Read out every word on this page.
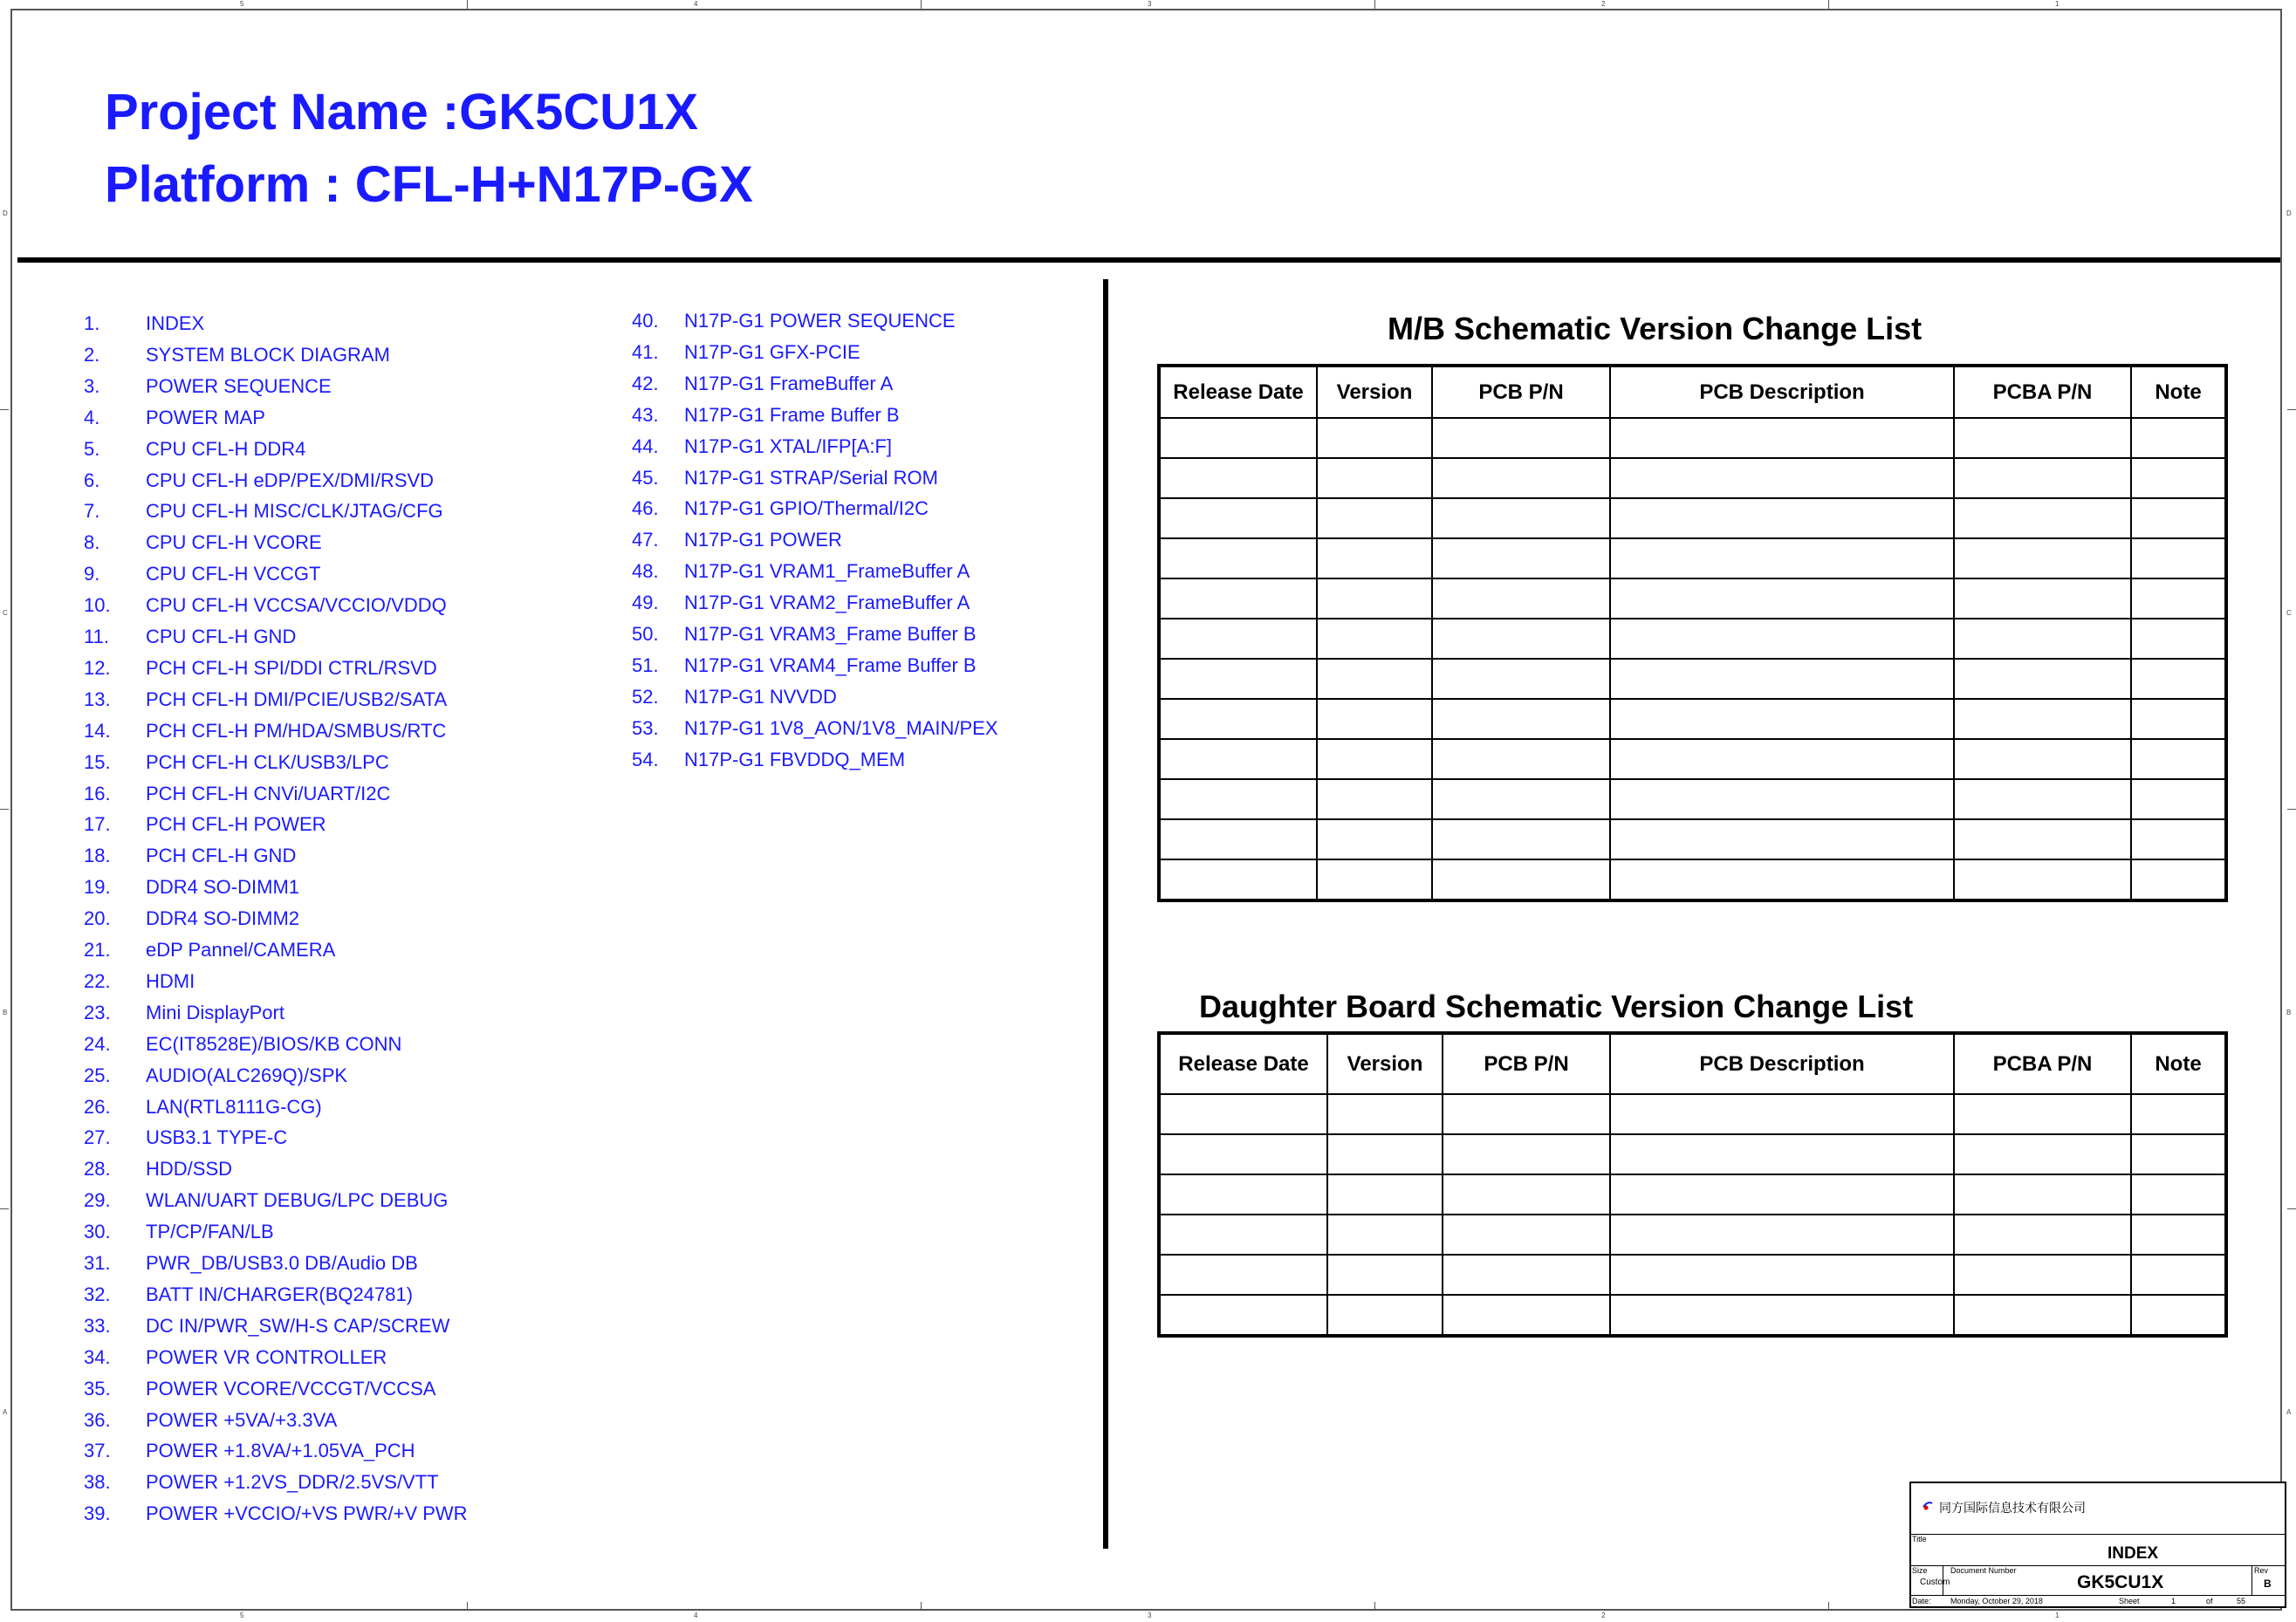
5	4	3	2	1
5	4	3	2	1
D	D
C	C
B	B
A	A
Project Name :GK5CU1X
Platform : CFL-H+N17P-GX
1. INDEX
2. SYSTEM BLOCK DIAGRAM
3. POWER SEQUENCE
4. POWER MAP
5. CPU CFL-H DDR4
6. CPU CFL-H eDP/PEX/DMI/RSVD
7. CPU CFL-H MISC/CLK/JTAG/CFG
8. CPU CFL-H VCORE
9. CPU CFL-H VCCGT
10. CPU CFL-H VCCSA/VCCIO/VDDQ
11. CPU CFL-H GND
12. PCH CFL-H SPI/DDI CTRL/RSVD
13. PCH CFL-H DMI/PCIE/USB2/SATA
14. PCH CFL-H PM/HDA/SMBUS/RTC
15. PCH CFL-H CLK/USB3/LPC
16. PCH CFL-H CNVi/UART/I2C
17. PCH CFL-H POWER
18. PCH CFL-H GND
19. DDR4 SO-DIMM1
20. DDR4 SO-DIMM2
21. eDP Pannel/CAMERA
22. HDMI
23. Mini DisplayPort
24. EC(IT8528E)/BIOS/KB CONN
25. AUDIO(ALC269Q)/SPK
26. LAN(RTL8111G-CG)
27. USB3.1 TYPE-C
28. HDD/SSD
29. WLAN/UART DEBUG/LPC DEBUG
30. TP/CP/FAN/LB
31. PWR_DB/USB3.0 DB/Audio DB
32. BATT IN/CHARGER(BQ24781)
33. DC IN/PWR_SW/H-S CAP/SCREW
34. POWER VR CONTROLLER
35. POWER VCORE/VCCGT/VCCSA
36. POWER +5VA/+3.3VA
37. POWER +1.8VA/+1.05VA_PCH
38. POWER +1.2VS_DDR/2.5VS/VTT
39. POWER +VCCIO/+VS PWR/+V PWR
40. N17P-G1 POWER SEQUENCE
41. N17P-G1 GFX-PCIE
42. N17P-G1 FrameBuffer A
43. N17P-G1 Frame Buffer B
44. N17P-G1 XTAL/IFP[A:F]
45. N17P-G1 STRAP/Serial ROM
46. N17P-G1 GPIO/Thermal/I2C
47. N17P-G1 POWER
48. N17P-G1 VRAM1_FrameBuffer A
49. N17P-G1 VRAM2_FrameBuffer A
50. N17P-G1 VRAM3_Frame Buffer B
51. N17P-G1 VRAM4_Frame Buffer B
52. N17P-G1 NVVDD
53. N17P-G1 1V8_AON/1V8_MAIN/PEX
54. N17P-G1 FBVDDQ_MEM
M/B Schematic Version Change List
Release Date	Version	PCB P/N	PCB Description	PCBA P/N	Note

Daughter Board Schematic Version Change List
Release Date	Version	PCB P/N	PCB Description	PCBA P/N	Note

同方国际信息技术有限公司
Title
INDEX
Size
Custom
Document Number
GK5CU1X
Rev
B
Date: Monday, October 29, 2018	Sheet	1	of	55
